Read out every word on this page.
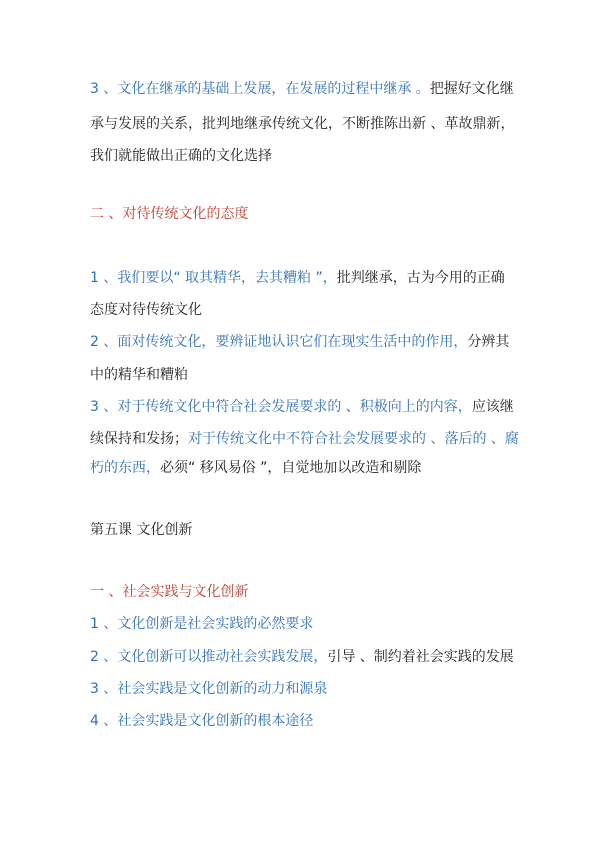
3 、文化在继承的基础上发展，在发展的过程中继承 。把握好文化继
承与发展的关系，批判地继承传统文化，不断推陈出新 、革故鼎新，
我们就能做出正确的文化选择
二 、对待传统文化的态度
1 、我们要以“ 取其精华，去其糟粕 ”，批判继承，古为今用的正确
态度对待传统文化
2 、面对传统文化，要辨证地认识它们在现实生活中的作用，分辨其
中的精华和糟粕
3 、对于传统文化中符合社会发展要求的 、积极向上的内容，应该继
续保持和发扬；对于传统文化中不符合社会发展要求的 、落后的 、腐
朽的东西，必须“ 移风易俗 ”，自觉地加以改造和剔除
第五课 文化创新
一 、社会实践与文化创新
1 、文化创新是社会实践的必然要求
2 、文化创新可以推动社会实践发展，引导 、制约着社会实践的发展
3 、社会实践是文化创新的动力和源泉
4 、社会实践是文化创新的根本途径
